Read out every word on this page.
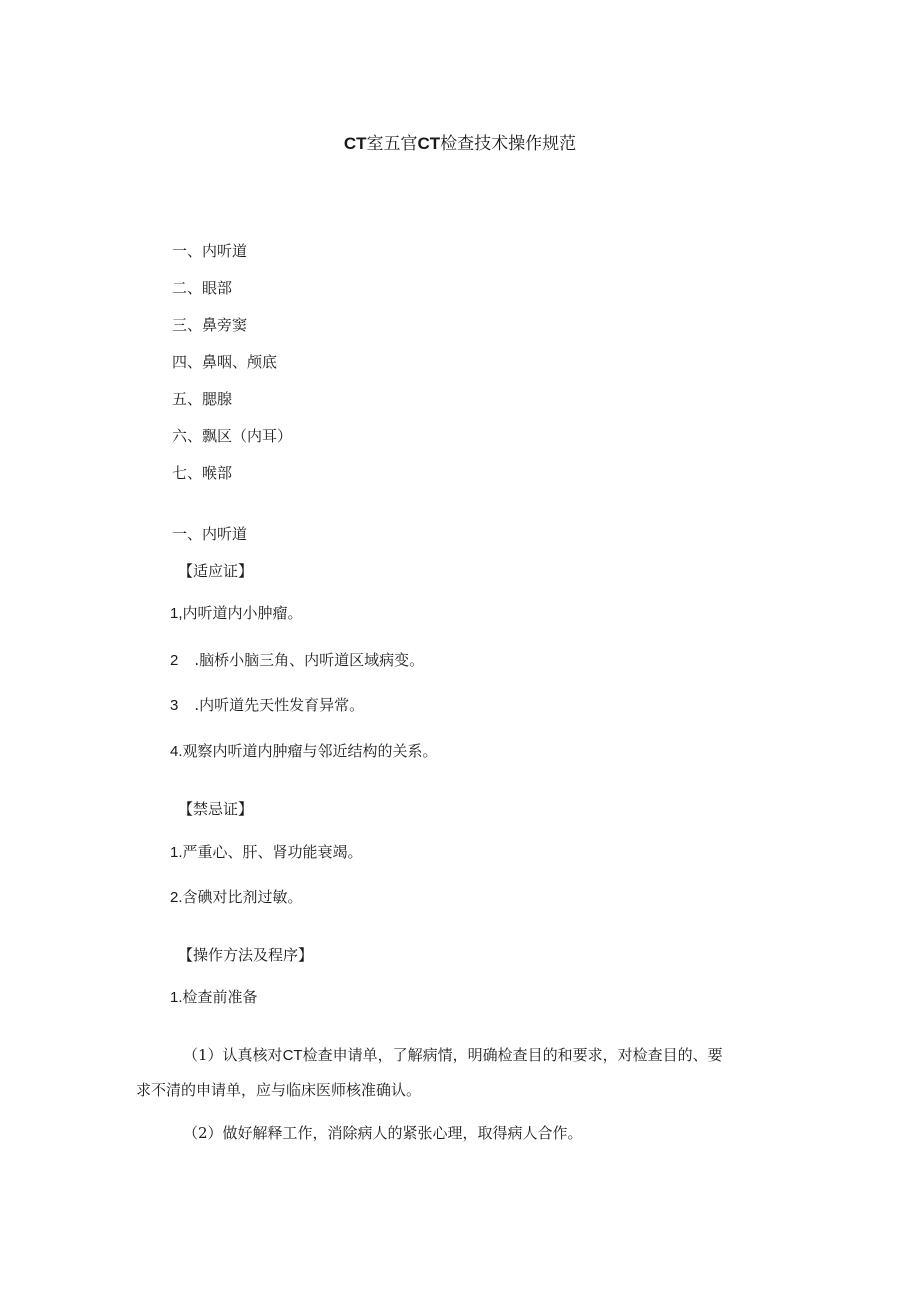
CT室五官CT检查技术操作规范
一、内听道
二、眼部
三、鼻旁窦
四、鼻咽、颅底
五、腮腺
六、飘区（内耳）
七、喉部
一、内听道
【适应证】
1,内听道内小肿瘤。
2 .脑桥小脑三角、内听道区域病变。
3 .内听道先天性发育异常。
4.观察内听道内肿瘤与邻近结构的关系。
【禁忌证】
1.严重心、肝、肾功能衰竭。
2.含碘对比剂过敏。
【操作方法及程序】
1.检查前准备
（1）认真核对CT检查申请单，了解病情，明确检查目的和要求，对检查目的、要
求不清的申请单，应与临床医师核准确认。
（2）做好解释工作，消除病人的紧张心理，取得病人合作。
